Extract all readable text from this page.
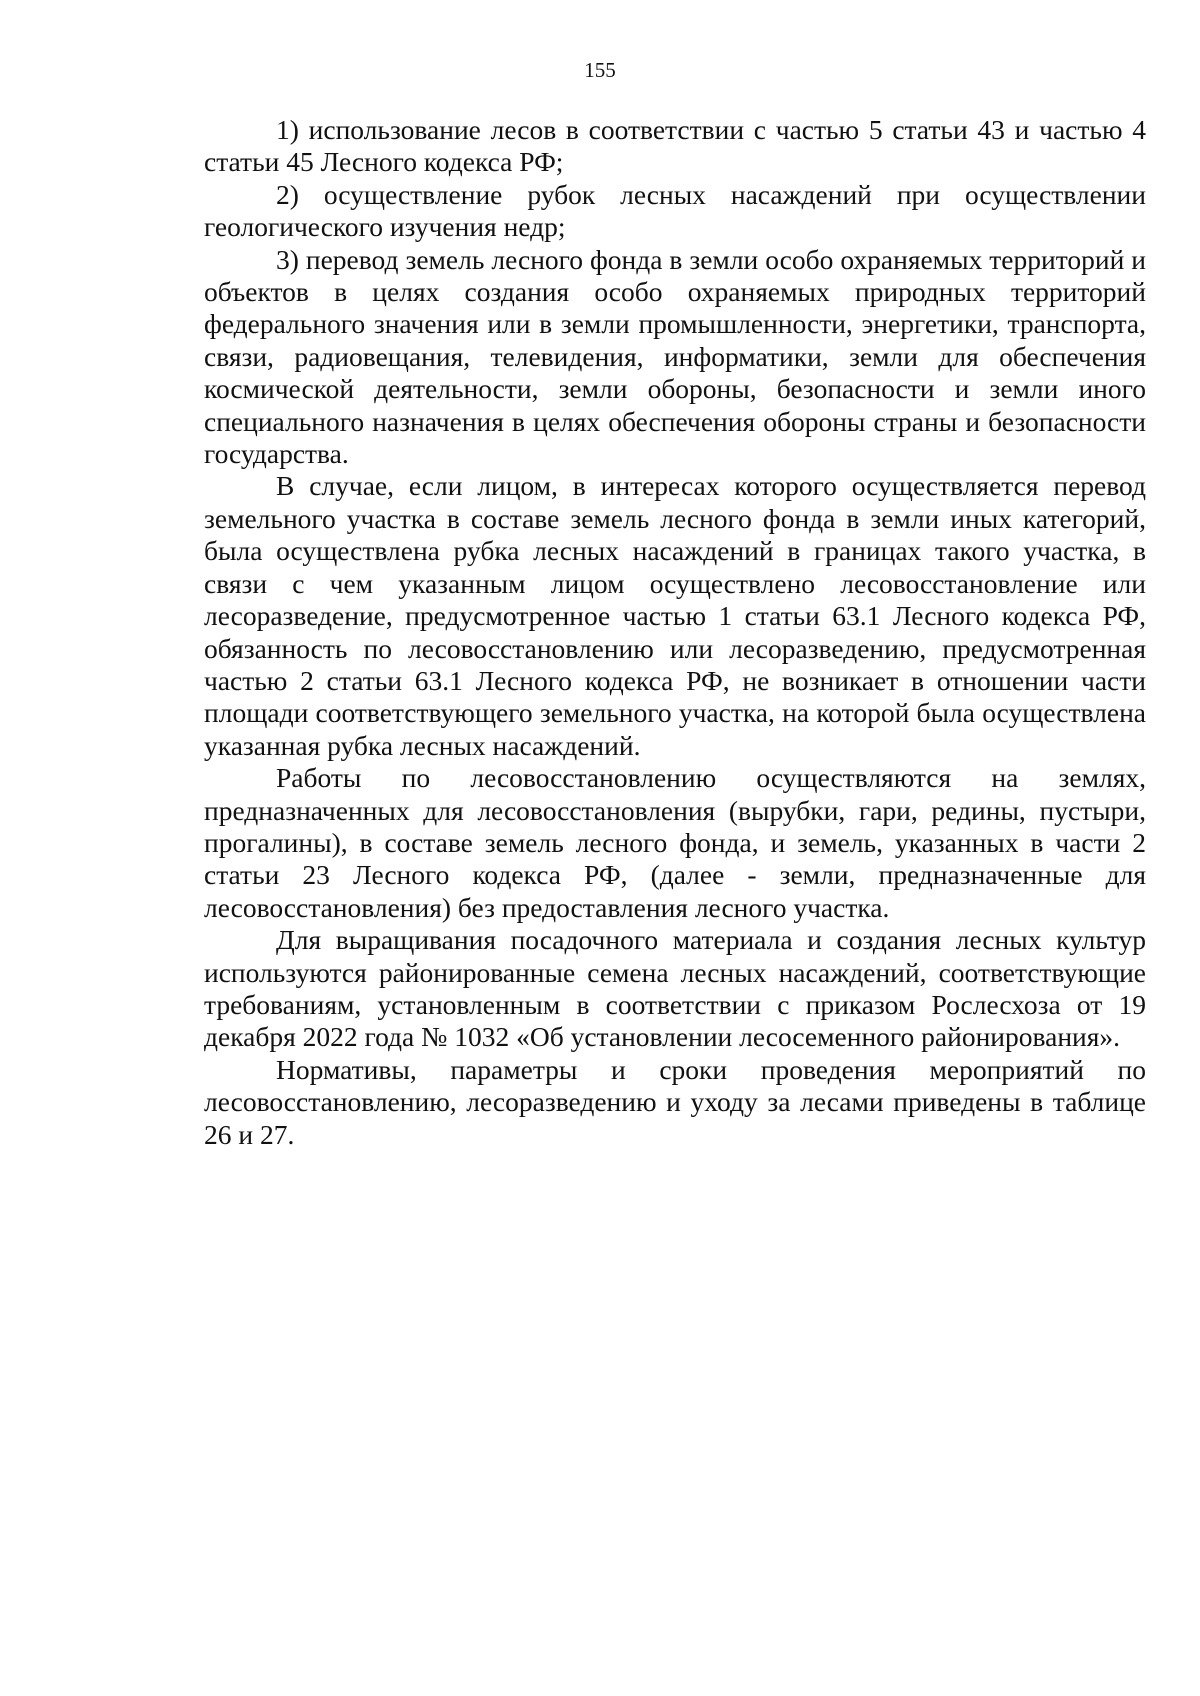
155

1) использование лесов в соответствии с частью 5 статьи 43 и частью 4 статьи 45 Лесного кодекса РФ;

2) осуществление рубок лесных насаждений при осуществлении геологического изучения недр;

3) перевод земель лесного фонда в земли особо охраняемых территорий и объектов в целях создания особо охраняемых природных территорий федерального значения или в земли промышленности, энергетики, транспорта, связи, радиовещания, телевидения, информатики, земли для обеспечения космической деятельности, земли обороны, безопасности и земли иного специального назначения в целях обеспечения обороны страны и безопасности государства.

В случае, если лицом, в интересах которого осуществляется перевод земельного участка в составе земель лесного фонда в земли иных категорий, была осуществлена рубка лесных насаждений в границах такого участка, в связи с чем указанным лицом осуществлено лесовосстановление или лесоразведение, предусмотренное частью 1 статьи 63.1 Лесного кодекса РФ, обязанность по лесовосстановлению или лесоразведению, предусмотренная частью 2 статьи 63.1 Лесного кодекса РФ, не возникает в отношении части площади соответствующего земельного участка, на которой была осуществлена указанная рубка лесных насаждений.

Работы по лесовосстановлению осуществляются на землях, предназначенных для лесовосстановления (вырубки, гари, редины, пустыри, прогалины), в составе земель лесного фонда, и земель, указанных в части 2 статьи 23 Лесного кодекса РФ, (далее - земли, предназначенные для лесовосстановления) без предоставления лесного участка.

Для выращивания посадочного материала и создания лесных культур используются районированные семена лесных насаждений, соответствующие требованиям, установленным в соответствии с приказом Рослесхоза от 19 декабря 2022 года № 1032 «Об установлении лесосеменного районирования».

Нормативы, параметры и сроки проведения мероприятий по лесовосстановлению, лесоразведению и уходу за лесами приведены в таблице 26 и 27.
